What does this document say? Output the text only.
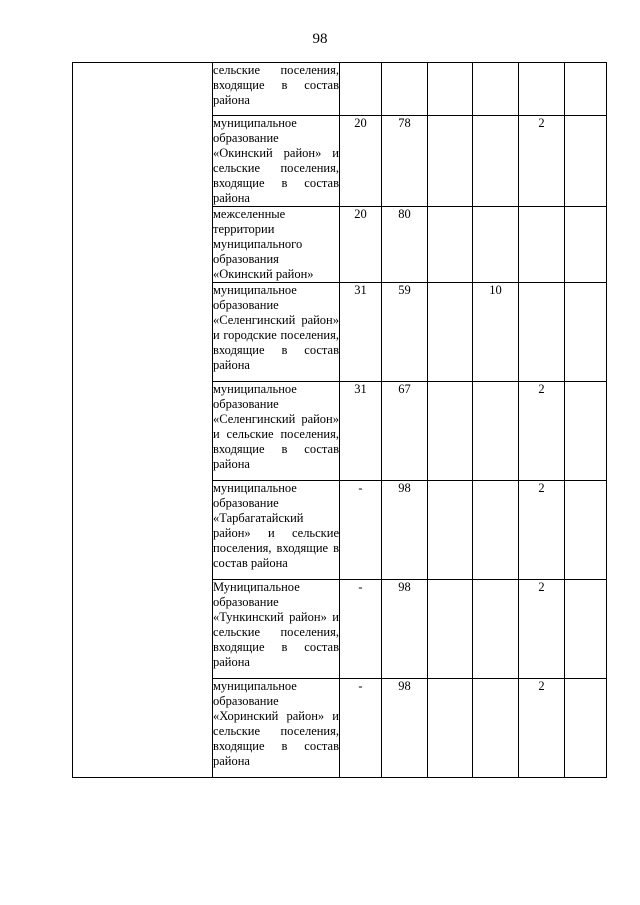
98
	сельские поселения, входящие в состав района						
	муниципальное образование «Окинский район» и сельские поселения, входящие в состав района	20	78			2	
	межселенные территории муниципального образования «Окинский район»	20	80				
	муниципальное образование «Селенгинский район» и городские поселения, входящие в состав района	31	59		10		
	муниципальное образование «Селенгинский район» и сельские поселения, входящие в состав района	31	67			2	
	муниципальное образование «Тарбагатайский район» и сельские поселения, входящие в состав района	-	98			2	
	Муниципальное образование «Тункинский район» и сельские поселения, входящие в состав района	-	98			2	
	муниципальное образование «Хоринский район» и сельские поселения, входящие в состав района	-	98			2	
